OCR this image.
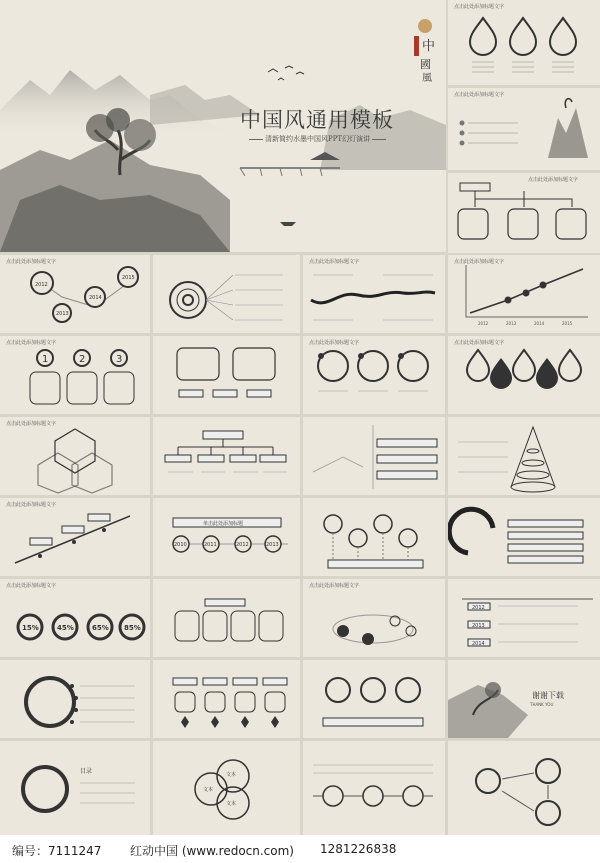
中国风通用模板
清新简约水墨中国风PPT幻灯演讲
中
國
風
点击此处添加标题文字
点击此处添加标题文字
点击此处添加标题文字
点击此处添加标题文字
2012
2013
2014
2015
点击此处添加标题文字	点击此处添加标题文字
2012	2013	2014	2015
点击此处添加标题文字
1	2	3
点击此处添加标题文字	点击此处添加标题文字
点击此处添加标题文字
点击此处添加标题文字
单击此处添加标题
2010	2011	2012	2013
点击此处添加标题文字
15%	45%	65% 85%
点击此处添加标题文字
2012
2013
2014
目录
文本
文本
文本
谢谢下载
THANK YOU
编号：7111247 红动中国 (www.redocn.com) 1281226838
